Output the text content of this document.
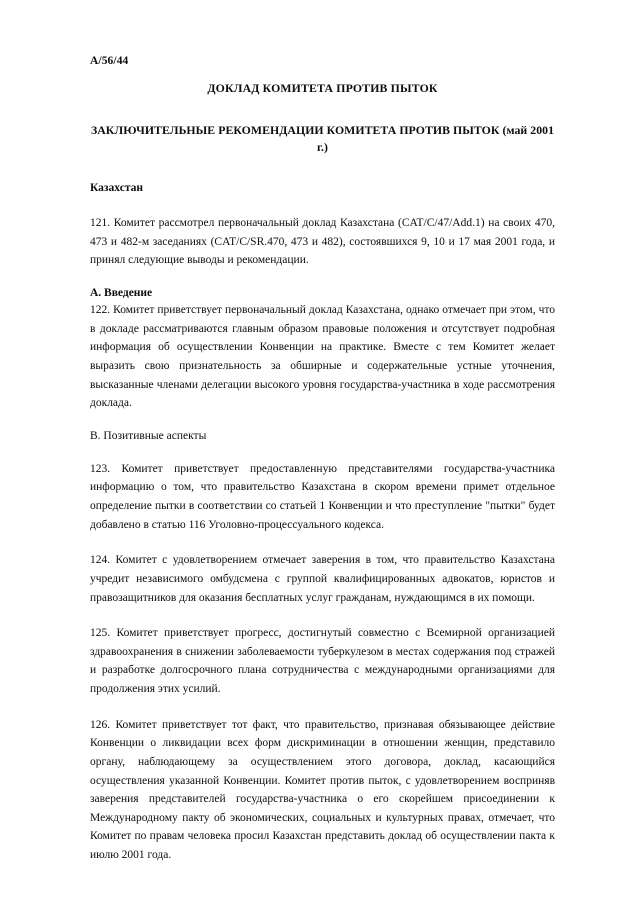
A/56/44
ДОКЛАД КОМИТЕТА ПРОТИВ ПЫТОК
ЗАКЛЮЧИТЕЛЬНЫЕ РЕКОМЕНДАЦИИ КОМИТЕТА ПРОТИВ ПЫТОК (май 2001 г.)
Казахстан

121. Комитет рассмотрел первоначальный доклад Казахстана (CAT/C/47/Add.1) на своих 470, 473 и 482-м заседаниях (CAT/C/SR.470, 473 и 482), состоявшихся 9, 10 и 17 мая 2001 года, и принял следующие выводы и рекомендации.

A. Введение

122. Комитет приветствует первоначальный доклад Казахстана, однако отмечает при этом, что в докладе рассматриваются главным образом правовые положения и отсутствует подробная информация об осуществлении Конвенции на практике. Вместе с тем Комитет желает выразить свою признательность за обширные и содержательные устные уточнения, высказанные членами делегации высокого уровня государства-участника в ходе рассмотрения доклада.

B. Позитивные аспекты

123. Комитет приветствует предоставленную представителями государства-участника информацию о том, что правительство Казахстана в скором времени примет отдельное определение пытки в соответствии со статьей 1 Конвенции и что преступление "пытки" будет добавлено в статью 116 Уголовно-процессуального кодекса.

124. Комитет с удовлетворением отмечает заверения в том, что правительство Казахстана учредит независимого омбудсмена с группой квалифицированных адвокатов, юристов и правозащитников для оказания бесплатных услуг гражданам, нуждающимся в их помощи.

125. Комитет приветствует прогресс, достигнутый совместно с Всемирной организацией здравоохранения в снижении заболеваемости туберкулезом в местах содержания под стражей и разработке долгосрочного плана сотрудничества с международными организациями для продолжения этих усилий.

126. Комитет приветствует тот факт, что правительство, признавая обязывающее действие Конвенции о ликвидации всех форм дискриминации в отношении женщин, представило органу, наблюдающему за осуществлением этого договора, доклад, касающийся осуществления указанной Конвенции. Комитет против пыток, с удовлетворением восприняв заверения представителей государства-участника о его скорейшем присоединении к Международному пакту об экономических, социальных и культурных правах, отмечает, что Комитет по правам человека просил Казахстан представить доклад об осуществлении пакта к июлю 2001 года.
